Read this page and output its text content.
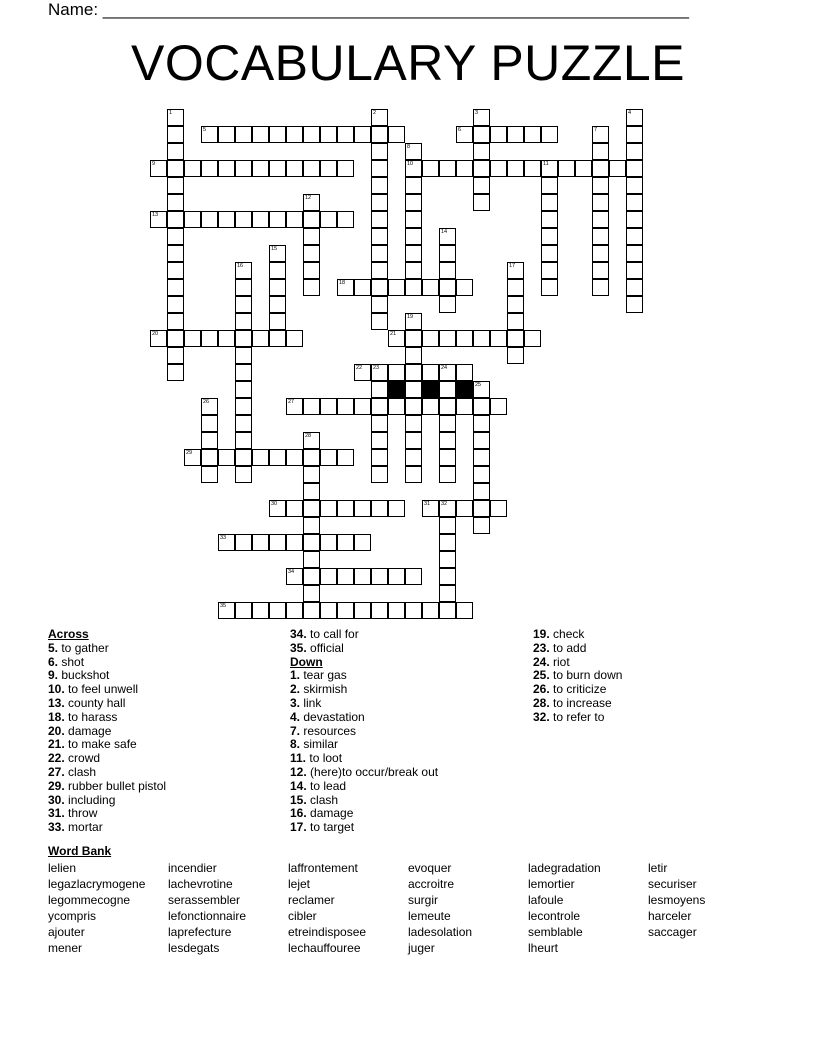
Name: ______________________________________________________________
VOCABULARY PUZZLE
1	2	3	4
5	6	7
8
10
9	11
12
13
14
15
16	17
18
19
20	21
22 23	24
25
26	27
28
29
30	31 32
33
34
35
Across
5. to gather
6. shot
9. buckshot
10. to feel unwell
13. county hall
18. to harass
20. damage
21. to make safe
22. crowd
27. clash
29. rubber bullet pistol
30. including
31. throw
33. mortar
34. to call for
35. official
Down
1. tear gas
2. skirmish
3. link
4. devastation
7. resources
8. similar
11. to loot
12. (here)to occur/break out
14. to lead
15. clash
16. damage
17. to target
19. check
23. to add
24. riot
25. to burn down
26. to criticize
28. to increase
32. to refer to
Word Bank
lelien
legazlacrymogene
legommecogne
ycompris
ajouter
mener
incendier
lachevrotine
serassembler
lefonctionnaire
laprefecture
lesdegats
laffrontement
lejet
reclamer
cibler
etreindisposee
lechauffouree
evoquer
accroitre
surgir
lemeute
ladesolation
juger
ladegradation
lemortier
lafoule
lecontrole
semblable
lheurt
letir
securiser
lesmoyens
harceler
saccager
